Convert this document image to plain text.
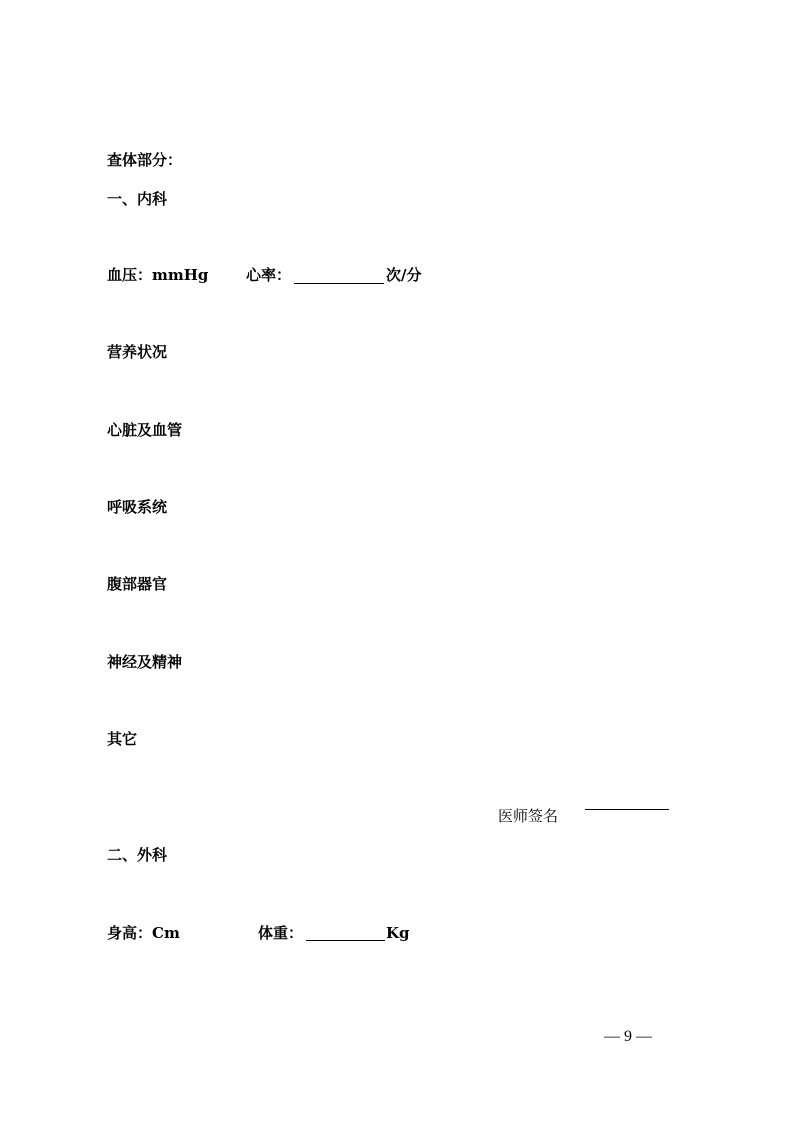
查体部分：
一、内科
血压：mmHg	心率：	次/分
营养状况
心脏及血管
呼吸系统
腹部器官
神经及精神
其它
医师签名
二、外科
身高：Cm	体重：	Kg
— 9 —
